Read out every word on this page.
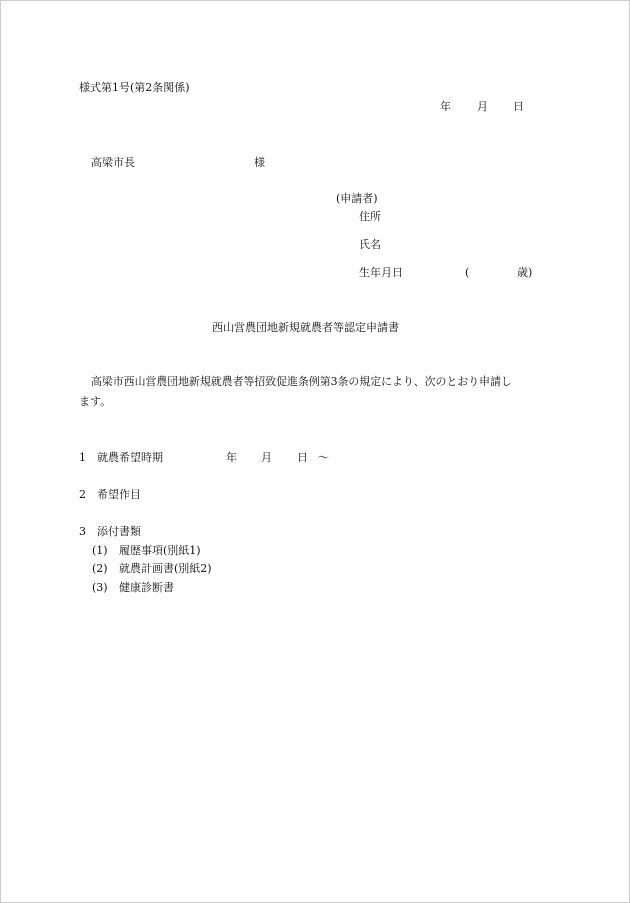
様式第1号(第2条関係)
年 月 日
高梁市長	様
(申請者)
住所
氏名
生年月日	(	歳)
西山営農団地新規就農者等認定申請書
高梁市西山営農団地新規就農者等招致促進条例第3条の規定により、次のとおり申請し
ます。
1 就農希望時期	年 月 日 〜
2 希望作目
3 添付書類
(1) 履歴事項(別紙1)
(2) 就農計画書(別紙2)
(3) 健康診断書
